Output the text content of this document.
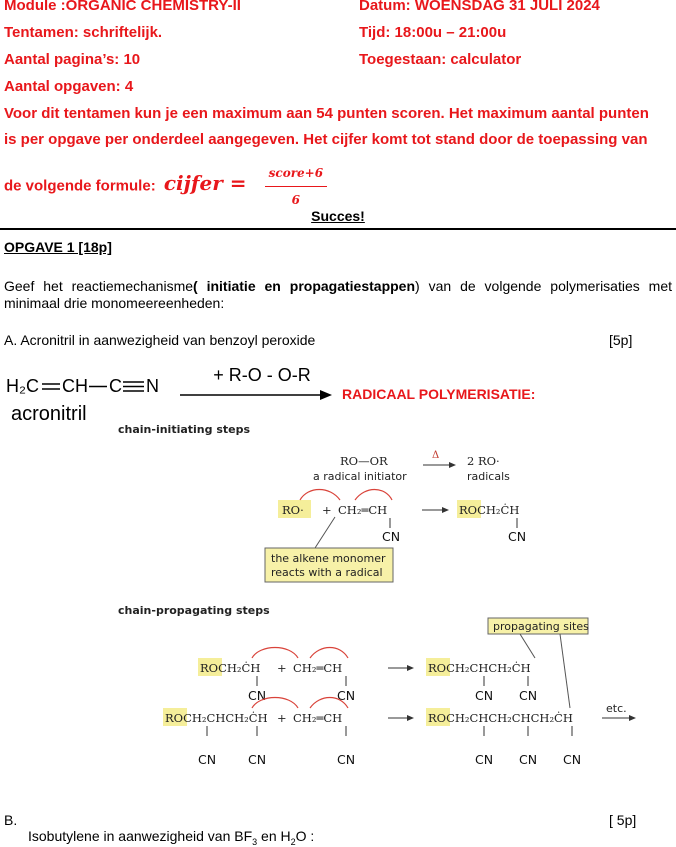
Module :ORGANIC CHEMISTRY-II	Datum: WOENSDAG 31 JULI 2024
Tentamen: schriftelijk.	Tijd: 18:00u – 21:00u
Aantal pagina’s: 10	Toegestaan: calculator
Aantal opgaven: 4
Voor dit tentamen kun je een maximum aan 54 punten scoren. Het maximum aantal punten
is per opgave per onderdeel aangegeven. Het cijfer komt tot stand door de toepassing van
de volgende formule: cijfer = $\frac{\text{score+6}}{6}$
Succes!
OPGAVE 1 [18p]
Geef het reactiemechanisme( initiatie en propagatiestappen) van de volgende polymerisaties met minimaal drie monomeereenheden:
A. Acronitril in aanwezigheid van benzoyl peroxide	[5p]
H₂C CH C N
acronitril
+ R-O - O-R
RADICAAL POLYMERISATIE:
chain-initiating steps
RO—OR
a radical initiator
Δ 2 RO·
radicals
RO· + CH₂═CH
CN
ROCH₂ĊH
CN
the alkene monomer
reacts with a radical
chain-propagating steps
propagating sites
ROCH₂ĊH
CN
+ CH₂═CH
CN
ROCH₂CHCH₂ĊH
CN CN
ROCH₂CHCH₂ĊH
CN	CN
+ CH₂═CH
CN
ROCH₂CHCH₂CHCH₂ĊH
CN CN CN
etc.
B.	[ 5p]
Isobutylene in aanwezigheid van $BF_3$ en $H_2O$ :
